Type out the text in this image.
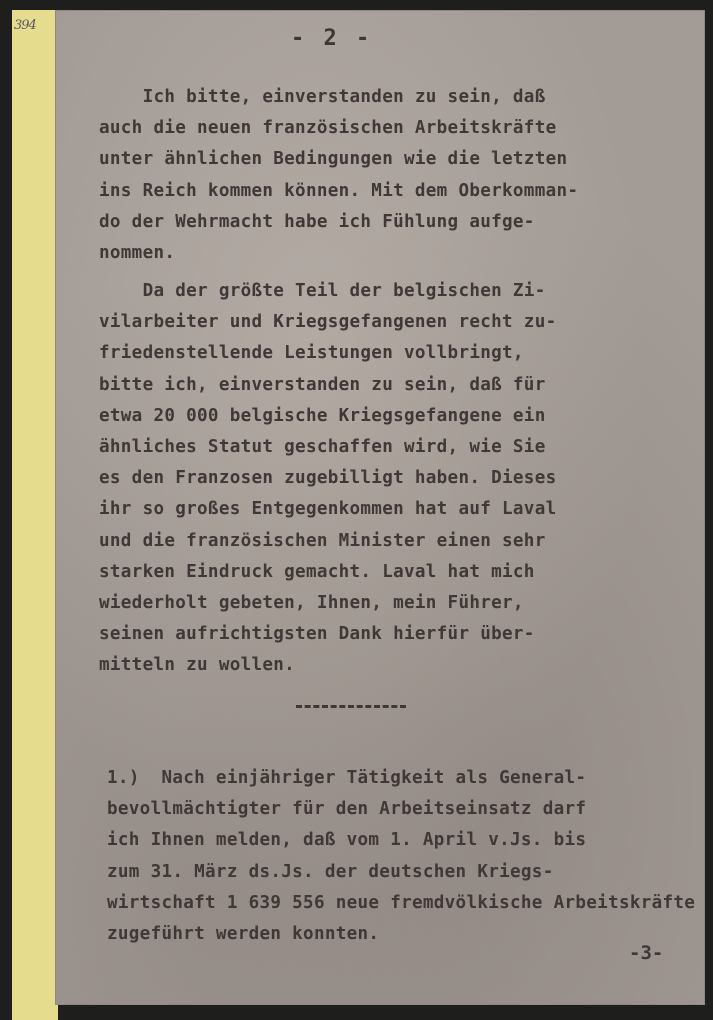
394
- 2 -

Ich bitte, einverstanden zu sein, daß
auch die neuen französischen Arbeitskräfte
unter ähnlichen Bedingungen wie die letzten
ins Reich kommen können. Mit dem Oberkomman-
do der Wehrmacht habe ich Fühlung aufge-
nommen.

Da der größte Teil der belgischen Zi-
vilarbeiter und Kriegsgefangenen recht zu-
friedenstellende Leistungen vollbringt,
bitte ich, einverstanden zu sein, daß für
etwa 20 000 belgische Kriegsgefangene ein
ähnliches Statut geschaffen wird, wie Sie
es den Franzosen zugebilligt haben. Dieses
ihr so großes Entgegenkommen hat auf Laval
und die französischen Minister einen sehr
starken Eindruck gemacht. Laval hat mich
wiederholt gebeten, Ihnen, mein Führer,
seinen aufrichtigsten Dank hierfür über-
mitteln zu wollen.

1.)  Nach einjähriger Tätigkeit als General-
bevollmächtigter für den Arbeitseinsatz darf
ich Ihnen melden, daß vom 1. April v.Js. bis
zum 31. März ds.Js. der deutschen Kriegs-
wirtschaft 1 639 556 neue fremdvölkische Arbeitskräfte
zugeführt werden konnten.

-3-
